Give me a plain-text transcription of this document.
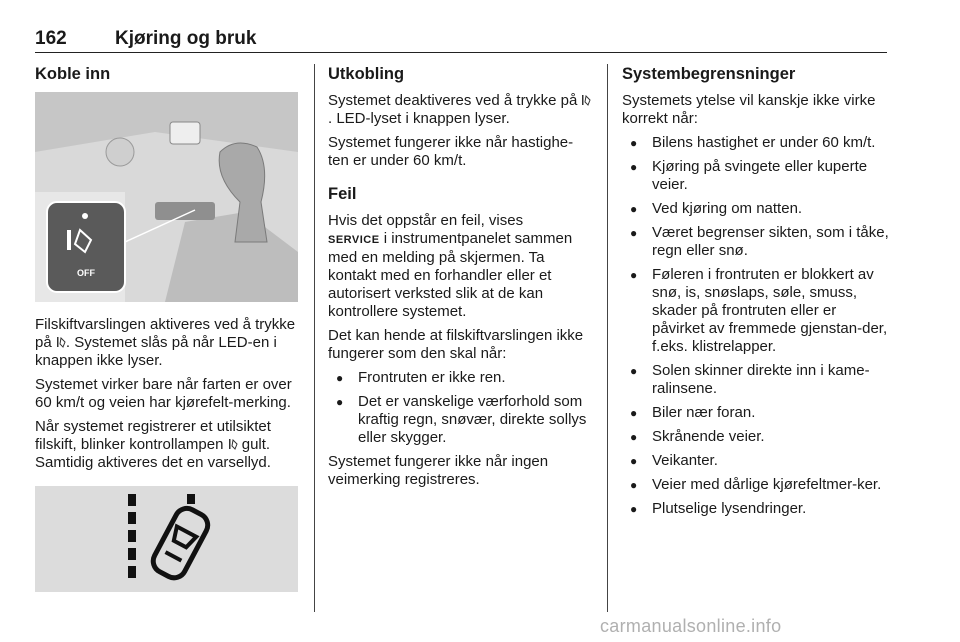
162	Kjøring og bruk
Koble inn
OFF

Filskiftvarslingen aktiveres ved å trykke på . Systemet slås på når LED-en i knappen ikke lyser.

Systemet virker bare når farten er over 60 km/t og veien har kjørefelt-merking.

Når systemet registrerer et utilsiktet filskift, blinker kontrollampen  gult. Samtidig aktiveres det en varsellyd.

Utkobling

Systemet deaktiveres ved å trykke på . LED-lyset i knappen lyser.

Systemet fungerer ikke når hastighe-ten er under 60 km/t.

Feil

Hvis det oppstår en feil, vises
SERVICE i instrumentpanelet sammen med en melding på skjermen. Ta kontakt med en forhandler eller et autorisert verksted slik at de kan kontrollere systemet.

Det kan hende at filskiftvarslingen ikke fungerer som den skal når:

● Frontruten er ikke ren.
● Det er vanskelige værforhold som kraftig regn, snøvær, direkte sollys eller skygger.

Systemet fungerer ikke når ingen veimerking registreres.

Systembegrensninger

Systemets ytelse vil kanskje ikke virke korrekt når:

● Bilens hastighet er under 60 km/t.
● Kjøring på svingete eller kuperte veier.
● Ved kjøring om natten.
● Været begrenser sikten, som i tåke, regn eller snø.
● Føleren i frontruten er blokkert av snø, is, snøslaps, søle, smuss, skader på frontruten eller er påvirket av fremmede gjenstan-der, f.eks. klistrelapper.
● Solen skinner direkte inn i kame-ralinsene.
● Biler nær foran.
● Skrånende veier.
● Veikanter.
● Veier med dårlige kjørefeltmer-ker.
● Plutselige lysendringer.
carmanualsonline.info
